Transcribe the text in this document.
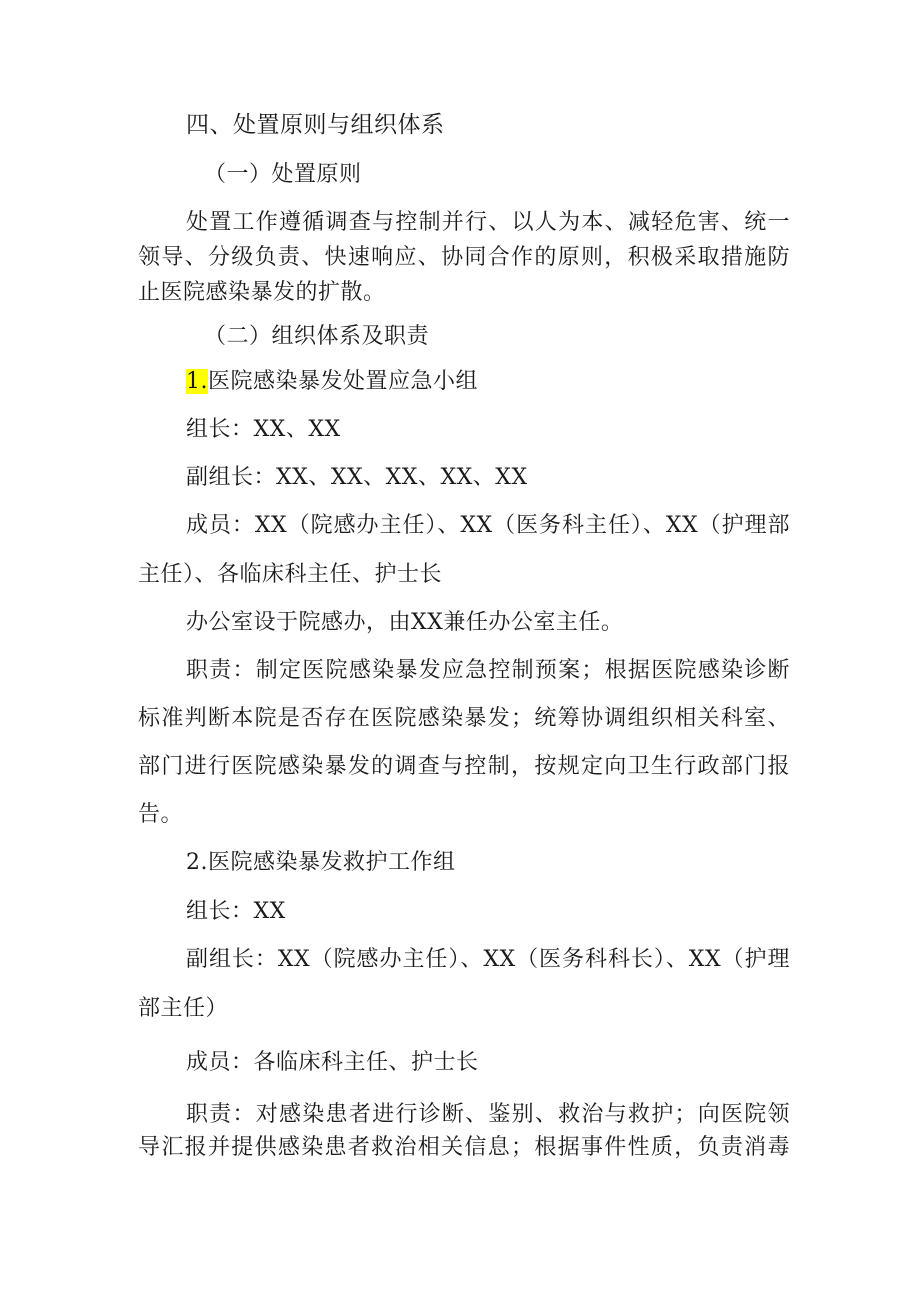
四、处置原则与组织体系
（一）处置原则
处置工作遵循调查与控制并行、以人为本、减轻危害、统一
领导、分级负责、快速响应、协同合作的原则，积极采取措施防
止医院感染暴发的扩散。
（二）组织体系及职责
1.医院感染暴发处置应急小组
组长：XX、XX
副组长：XX、XX、XX、XX、XX
成员：XX（院感办主任）、XX（医务科主任）、XX（护理部
主任）、各临床科主任、护士长
办公室设于院感办，由XX兼任办公室主任。
职责：制定医院感染暴发应急控制预案；根据医院感染诊断
标准判断本院是否存在医院感染暴发；统筹协调组织相关科室、
部门进行医院感染暴发的调查与控制，按规定向卫生行政部门报
告。
2.医院感染暴发救护工作组
组长：XX
副组长：XX（院感办主任）、XX（医务科科长）、XX（护理
部主任）
成员：各临床科主任、护士长
职责：对感染患者进行诊断、鉴别、救治与救护；向医院领
导汇报并提供感染患者救治相关信息；根据事件性质，负责消毒
